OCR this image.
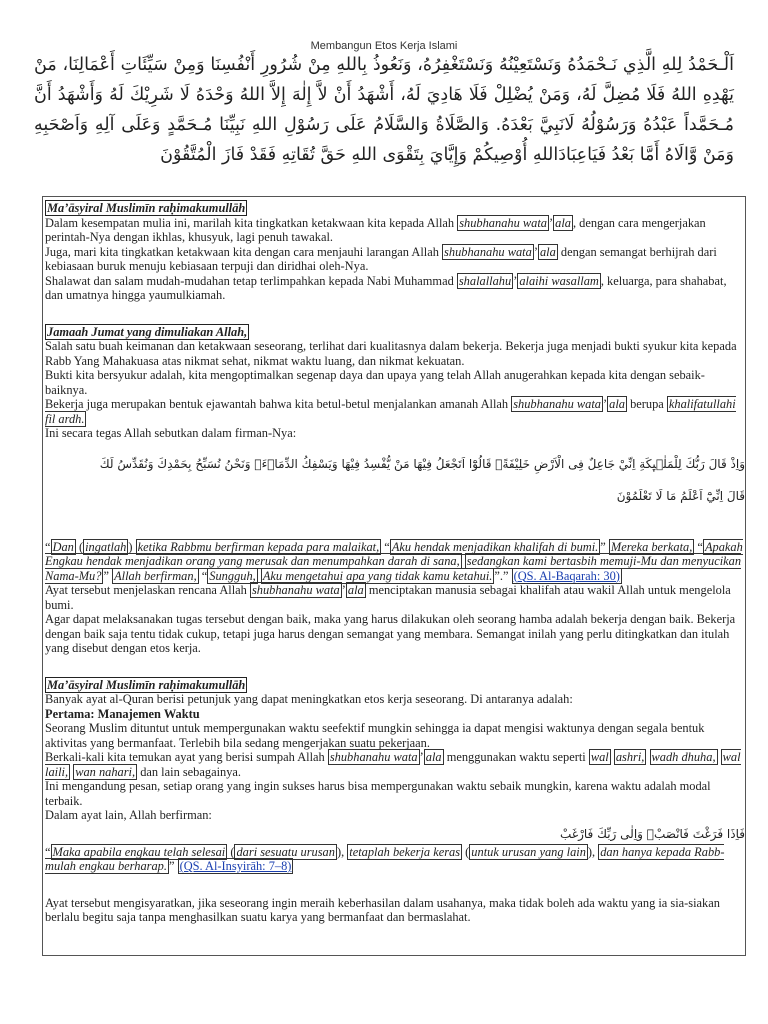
Membangun Etos Kerja Islami
اَلْـحَمْدُ لِلهِ الَّذِي نَـحْمَدُهُ وَنَسْتَعِيْنُهُ وَنَسْتَغْفِرُهُ، وَنَعُوذُ بِاللهِ مِنْ شُرُورِ أَنْفُسِنَا وَمِنْ سَيِّئَاتِ أَعْمَالِنَا، مَنْ يَهْدِهِ اللهُ فَلَا مُضِلَّ لَهُ، وَمَنْ يُضْلِلْ فَلَا هَادِيَ لَهُ، أَشْهَدُ أَنْ لاَّ إِلٰهَ إِلاَّ اللهُ وَحْدَهُ لَا شَرِيْكَ لَهُ وَأَشْهَدُ أَنَّ مُـحَمَّداً عَبْدُهُ وَرَسُوْلُهُ لَانَبِيَّ بَعْدَهُ. وَالصَّلَاةُ وَالسَّلَامُ عَلَى رَسُوْلِ اللهِ نَبِيِّنَا مُـحَمَّدٍ وَعَلَى آلِهِ وَاَصْحَبِهِ وَمَنْ وَّالَاهُ أَمَّا بَعْدُ فَيَاعِبَادَاللهِ أُوْصِيكُمْ وَإِيَّايَ بِتَقْوَى اللهِ حَقَّ تُقَاتِهِ فَقَدْ فَازَ الْمُتَّقُوْنَ

Ma’āsyiral Muslimīn raḥimakumullāh

Dalam kesempatan mulia ini, marilah kita tingkatkan ketakwaan kita kepada Allah shubhanahu wata ’ ala , dengan cara mengerjakan perintah-Nya dengan ikhlas, khusyuk, lagi penuh tawakal.

Juga, mari kita tingkatkan ketakwaan kita dengan cara menjauhi larangan Allah shubhanahu wata ’ ala dengan semangat berhijrah dari kebiasaan buruk menuju kebiasaan terpuji dan diridhai oleh-Nya.

Shalawat dan salam mudah-mudahan tetap terlimpahkan kepada Nabi Muhammad shalallahu ’ alaihi wasallam , keluarga, para shahabat, dan umatnya hingga yaumulkiamah.

Jamaah Jumat yang dimuliakan Allah,

Salah satu buah keimanan dan ketakwaan seseorang, terlihat dari kualitasnya dalam bekerja. Bekerja juga menjadi bukti syukur kita kepada Rabb Yang Mahakuasa atas nikmat sehat, nikmat waktu luang, dan nikmat kekuatan.

Bukti kita bersyukur adalah, kita mengoptimalkan segenap daya dan upaya yang telah Allah anugerahkan kepada kita dengan sebaik-baiknya.

Bekerja juga merupakan bentuk ejawantah bahwa kita betul-betul menjalankan amanah Allah shubhanahu wata ’ ala berupa khalifatullahi fil ardh.

Ini secara tegas Allah sebutkan dalam firman-Nya:

وَاِذْ قَالَ رَبُّكَ لِلْمَلٰۤىِٕكَةِ اِنِّيْ جَاعِلٌ فِى الْاَرْضِ خَلِيْفَةًۗ قَالُوْٓا اَتَجْعَلُ فِيْهَا مَنْ يُّفْسِدُ فِيْهَا وَيَسْفِكُ الدِّمَاۤءَۚ وَنَحْنُ نُسَبِّحُ بِحَمْدِكَ وَنُقَدِّسُ لَكَ
قَالَ اِنِّيْٓ اَعْلَمُ مَا لَا تَعْلَمُوْنَ

“ Dan ( ingatlah ) ketika Rabbmu berfirman kepada para malaikat, “ Aku hendak menjadikan khalifah di bumi. ” Mereka berkata, “ Apakah Engkau hendak menjadikan orang yang merusak dan menumpahkan darah di sana, sedangkan kami bertasbih memuji-Mu dan menyucikan Nama-Mu? ” Allah berfirman, “ Sungguh, Aku mengetahui apa yang tidak kamu ketahui. ”.” (QS. Al-Baqarah: 30)

Ayat tersebut menjelaskan rencana Allah shubhanahu wata ’ ala menciptakan manusia sebagai khalifah atau wakil Allah untuk mengelola bumi.

Agar dapat melaksanakan tugas tersebut dengan baik, maka yang harus dilakukan oleh seorang hamba adalah bekerja dengan baik. Bekerja dengan baik saja tentu tidak cukup, tetapi juga harus dengan semangat yang membara. Semangat inilah yang perlu ditingkatkan dan itulah yang disebut dengan etos kerja.

Ma’āsyiral Muslimīn raḥimakumullāh

Banyak ayat al-Quran berisi petunjuk yang dapat meningkatkan etos kerja seseorang. Di antaranya adalah:

Pertama: Manajemen Waktu

Seorang Muslim dituntut untuk mempergunakan waktu seefektif mungkin sehingga ia dapat mengisi waktunya dengan segala bentuk aktivitas yang bermanfaat. Terlebih bila sedang mengerjakan suatu pekerjaan.

Berkali-kali kita temukan ayat yang berisi sumpah Allah shubhanahu wata ’ ala menggunakan waktu seperti wal ashri, wadh dhuha, wal laili, wan nahari, dan lain sebagainya.

Ini mengandung pesan, setiap orang yang ingin sukses harus bisa mempergunakan waktu sebaik mungkin, karena waktu adalah modal terbaik.

Dalam ayat lain, Allah berfirman:

فَاِذَا فَرَغْتَ فَانْصَبْۙ وَاِلٰى رَبِّكَ فَارْغَبْ

“ Maka apabila engkau telah selesai ( dari sesuatu urusan ), tetaplah bekerja keras ( untuk urusan yang lain ), dan hanya kepada Rabb-mulah engkau berharap. ” (QS. Al-Insyirāh: 7–8)

Ayat tersebut mengisyaratkan, jika seseorang ingin meraih keberhasilan dalam usahanya, maka tidak boleh ada waktu yang ia sia-siakan berlalu begitu saja tanpa menghasilkan suatu karya yang bermanfaat dan bermaslahat.
